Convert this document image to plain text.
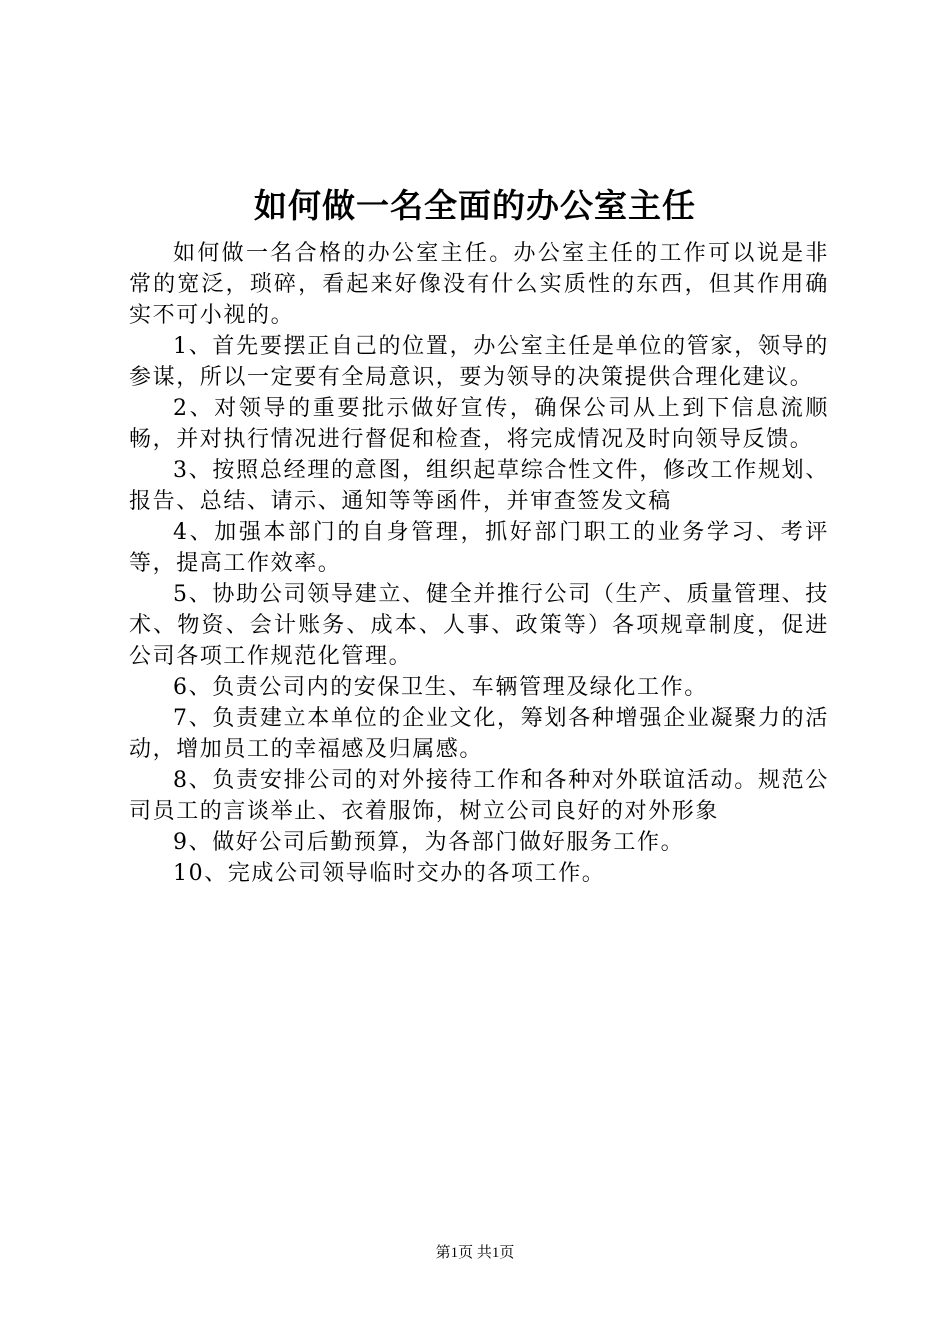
如何做一名全面的办公室主任

如何做一名合格的办公室主任。办公室主任的工作可以说是非常的宽泛，琐碎，看起来好像没有什么实质性的东西，但其作用确实不可小视的。

1、首先要摆正自己的位置，办公室主任是单位的管家，领导的参谋，所以一定要有全局意识，要为领导的决策提供合理化建议。

2、对领导的重要批示做好宣传，确保公司从上到下信息流顺畅，并对执行情况进行督促和检查，将完成情况及时向领导反馈。

3、按照总经理的意图，组织起草综合性文件，修改工作规划、报告、总结、请示、通知等等函件，并审查签发文稿

4、加强本部门的自身管理，抓好部门职工的业务学习、考评等，提高工作效率。

5、协助公司领导建立、健全并推行公司（生产、质量管理、技术、物资、会计账务、成本、人事、政策等）各项规章制度，促进公司各项工作规范化管理。

6、负责公司内的安保卫生、车辆管理及绿化工作。

7、负责建立本单位的企业文化，筹划各种增强企业凝聚力的活动，增加员工的幸福感及归属感。

8、负责安排公司的对外接待工作和各种对外联谊活动。规范公司员工的言谈举止、衣着服饰，树立公司良好的对外形象

9、做好公司后勤预算，为各部门做好服务工作。

10、完成公司领导临时交办的各项工作。

第1页 共1页
